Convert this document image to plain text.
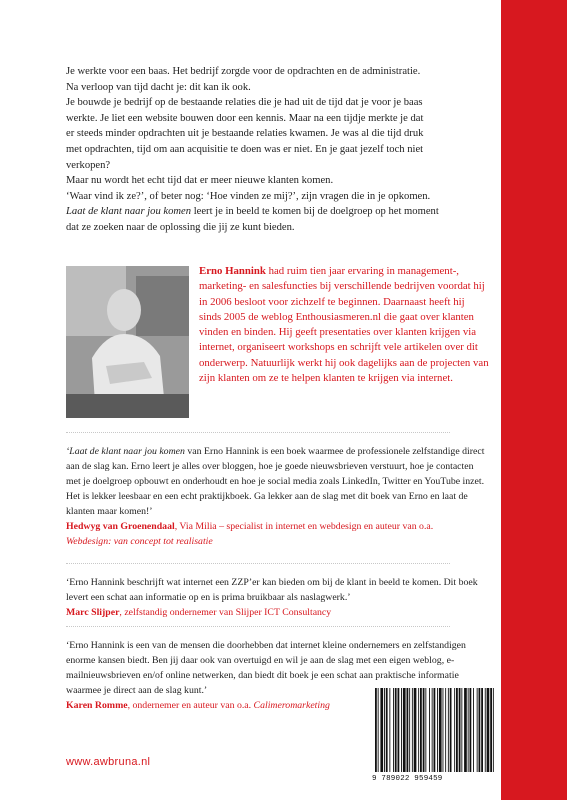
Je werkte voor een baas. Het bedrijf zorgde voor de opdrachten en de administratie.

Na verloop van tijd dacht je: dit kan ik ook.

Je bouwde je bedrijf op de bestaande relaties die je had uit de tijd dat je voor je baas

werkte. Je liet een website bouwen door een kennis. Maar na een tijdje merkte je dat

er steeds minder opdrachten uit je bestaande relaties kwamen. Je was al die tijd druk

met opdrachten, tijd om aan acquisitie te doen was er niet. En je gaat jezelf toch niet

verkopen?

Maar nu wordt het echt tijd dat er meer nieuwe klanten komen.

‘Waar vind ik ze?’, of beter nog: ‘Hoe vinden ze mij?’, zijn vragen die in je opkomen.

Laat de klant naar jou komen leert je in beeld te komen bij de doelgroep op het moment

dat ze zoeken naar de oplossing die jij ze kunt bieden.

Erno Hannink had ruim tien jaar ervaring in management-, marketing- en salesfuncties bij verschillende bedrijven voordat hij in 2006 besloot voor zichzelf te beginnen. Daarnaast heeft hij sinds 2005 de weblog Enthousiasmeren.nl die gaat over klanten vinden en binden. Hij geeft presentaties over klanten krijgen via internet, organiseert workshops en schrijft vele artikelen over dit onderwerp. Natuurlijk werkt hij ook dagelijks aan de projecten van zijn klanten om ze te helpen klanten te krijgen via internet.

‘Laat de klant naar jou komen van Erno Hannink is een boek waarmee de professionele zelfstandige direct aan de slag kan. Erno leert je alles over bloggen, hoe je goede nieuwsbrieven verstuurt, hoe je contacten met je doelgroep opbouwt en onderhoudt en hoe je social media zoals LinkedIn, Twitter en YouTube inzet. Het is lekker leesbaar en een echt praktijkboek. Ga lekker aan de slag met dit boek van Erno en laat de klanten maar komen!’

Hedwyg van Groenendaal, Via Milia – specialist in internet en webdesign en auteur van o.a.

Webdesign: van concept tot realisatie

‘Erno Hannink beschrijft wat internet een ZZP’er kan bieden om bij de klant in beeld te komen. Dit boek levert een schat aan informatie op en is prima bruikbaar als naslagwerk.’

Marc Slijper, zelfstandig ondernemer van Slijper ICT Consultancy

‘Erno Hannink is een van de mensen die doorhebben dat internet kleine ondernemers en zelfstandigen enorme kansen biedt. Ben jij daar ook van overtuigd en wil je aan de slag met een eigen weblog, e-mailnieuwsbrieven en/of online netwerken, dan biedt dit boek je een schat aan praktische informatie waarmee je direct aan de slag kunt.’

Karen Romme, ondernemer en auteur van o.a. Calimeromarketing

www.awbruna.nl
9 789022 959459
